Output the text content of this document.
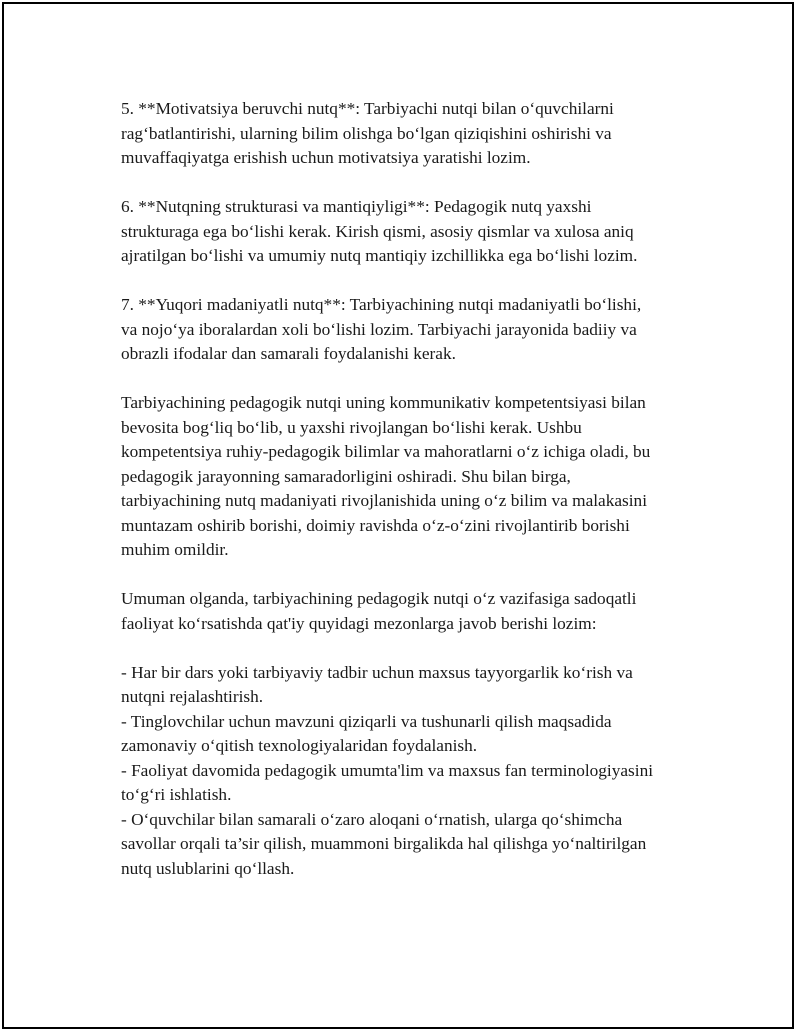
5. **Motivatsiya beruvchi nutq**: Tarbiyachi nutqi bilan o‘quvchilarni
rag‘batlantirishi, ularning bilim olishga bo‘lgan qiziqishini oshirishi va
muvaffaqiyatga erishish uchun motivatsiya yaratishi lozim.

6. **Nutqning strukturasi va mantiqiyligi**: Pedagogik nutq yaxshi
strukturaga ega bo‘lishi kerak. Kirish qismi, asosiy qismlar va xulosa aniq
ajratilgan bo‘lishi va umumiy nutq mantiqiy izchillikka ega bo‘lishi lozim.

7. **Yuqori madaniyatli nutq**: Tarbiyachining nutqi madaniyatli bo‘lishi,
va nojo‘ya iboralardan xoli bo‘lishi lozim. Tarbiyachi jarayonida badiiy va
obrazli ifodalar dan samarali foydalanishi kerak.

Tarbiyachining pedagogik nutqi uning kommunikativ kompetentsiyasi bilan
bevosita bog‘liq bo‘lib, u yaxshi rivojlangan bo‘lishi kerak. Ushbu
kompetentsiya ruhiy-pedagogik bilimlar va mahoratlarni o‘z ichiga oladi, bu
pedagogik jarayonning samaradorligini oshiradi. Shu bilan birga,
tarbiyachining nutq madaniyati rivojlanishida uning o‘z bilim va malakasini
muntazam oshirib borishi, doimiy ravishda o‘z-o‘zini rivojlantirib borishi
muhim omildir.

Umuman olganda, tarbiyachining pedagogik nutqi o‘z vazifasiga sadoqatli
faoliyat ko‘rsatishda qat'iy quyidagi mezonlarga javob berishi lozim:

- Har bir dars yoki tarbiyaviy tadbir uchun maxsus tayyorgarlik ko‘rish va
nutqni rejalashtirish.
- Tinglovchilar uchun mavzuni qiziqarli va tushunarli qilish maqsadida
zamonaviy o‘qitish texnologiyalaridan foydalanish.
- Faoliyat davomida pedagogik umumta'lim va maxsus fan terminologiyasini
to‘g‘ri ishlatish.
- O‘quvchilar bilan samarali o‘zaro aloqani o‘rnatish, ularga qo‘shimcha
savollar orqali ta’sir qilish, muammoni birgalikda hal qilishga yo‘naltirilgan
nutq uslublarini qo‘llash.
